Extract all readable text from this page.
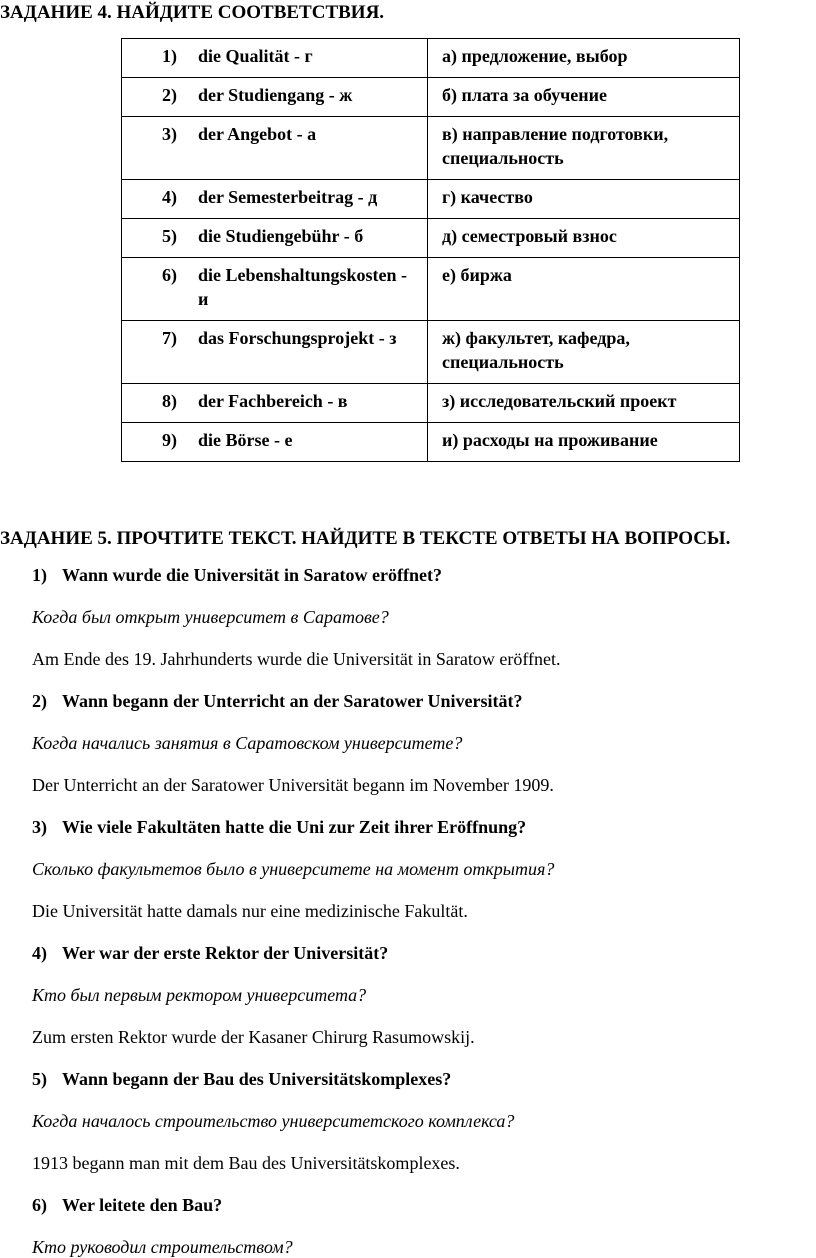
ЗАДАНИЕ 4. НАЙДИТЕ СООТВЕТСТВИЯ.
1) die Qualität - г	а) предложение, выбор

2) der Studiengang - ж	б) плата за обучение

3) der Angebot - а	в) направление подготовки, специальность

4) der Semesterbeitrag - д	г) качество

5) die Studiengebühr - б	д) семестровый взнос

6) die Lebenshaltungskosten - и	е) биржа

7) das Forschungsprojekt - з	ж) факультет, кафедра, специальность

8) der Fachbereich - в	з) исследовательский проект

9) die Börse - е	и) расходы на проживание
ЗАДАНИЕ 5. ПРОЧТИТЕ ТЕКСТ. НАЙДИТЕ В ТЕКСТЕ ОТВЕТЫ НА ВОПРОСЫ.

1) Wann wurde die Universität in Saratow eröffnet?

Когда был открыт университет в Саратове?

Am Ende des 19. Jahrhunderts wurde die Universität in Saratow eröffnet.

2) Wann begann der Unterricht an der Saratower Universität?

Когда начались занятия в Саратовском университете?

Der Unterricht an der Saratower Universität begann im November 1909.

3) Wie viele Fakultäten hatte die Uni zur Zeit ihrer Eröffnung?

Сколько факультетов было в университете на момент открытия?

Die Universität hatte damals nur eine medizinische Fakultät.

4) Wer war der erste Rektor der Universität?

Кто был первым ректором университета?

Zum ersten Rektor wurde der Kasaner Chirurg Rasumowskij.

5) Wann begann der Bau des Universitätskomplexes?

Когда началось строительство университетского комплекса?

1913 begann man mit dem Bau des Universitätskomplexes.

6) Wer leitete den Bau?

Кто руководил строительством?
